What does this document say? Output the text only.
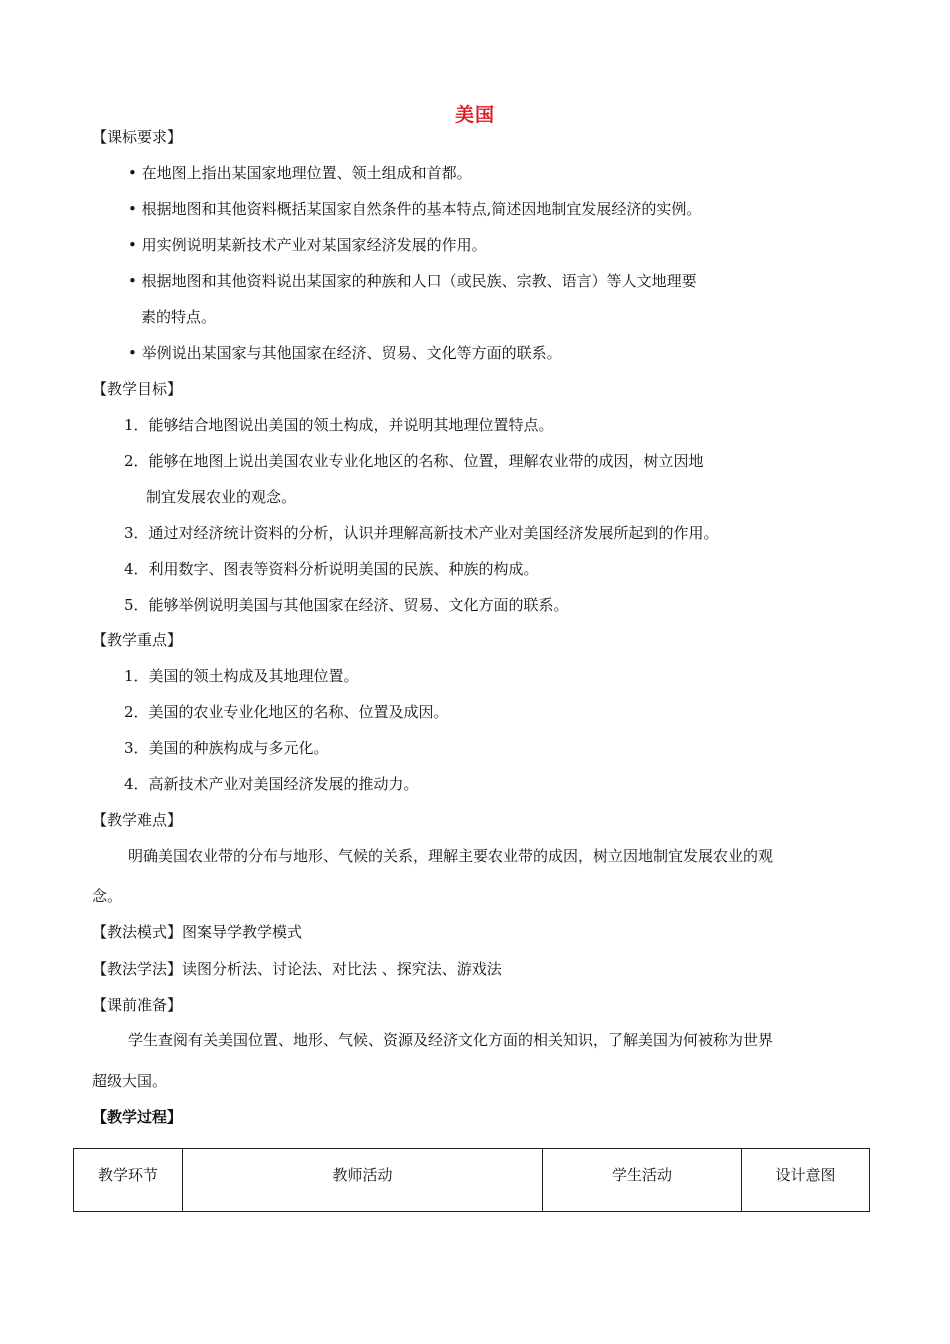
美国
【课标要求】
• 在地图上指出某国家地理位置、领土组成和首都。
• 根据地图和其他资料概括某国家自然条件的基本特点,简述因地制宜发展经济的实例。
• 用实例说明某新技术产业对某国家经济发展的作用。
• 根据地图和其他资料说出某国家的种族和人口（或民族、宗教、语言）等人文地理要
素的特点。
• 举例说出某国家与其他国家在经济、贸易、文化等方面的联系。
【教学目标】
1．能够结合地图说出美国的领土构成，并说明其地理位置特点。
2．能够在地图上说出美国农业专业化地区的名称、位置，理解农业带的成因，树立因地
制宜发展农业的观念。
3．通过对经济统计资料的分析，认识并理解高新技术产业对美国经济发展所起到的作用。
4．利用数字、图表等资料分析说明美国的民族、种族的构成。
5．能够举例说明美国与其他国家在经济、贸易、文化方面的联系。
【教学重点】
1．美国的领土构成及其地理位置。
2．美国的农业专业化地区的名称、位置及成因。
3．美国的种族构成与多元化。
4．高新技术产业对美国经济发展的推动力。
【教学难点】
明确美国农业带的分布与地形、气候的关系，理解主要农业带的成因，树立因地制宜发展农业的观
念。
【教法模式】图案导学教学模式
【教法学法】读图分析法、讨论法、对比法 、探究法、游戏法
【课前准备】
学生查阅有关美国位置、地形、气候、资源及经济文化方面的相关知识，了解美国为何被称为世界
超级大国。
【教学过程】
教学环节	教师活动	学生活动	设计意图
